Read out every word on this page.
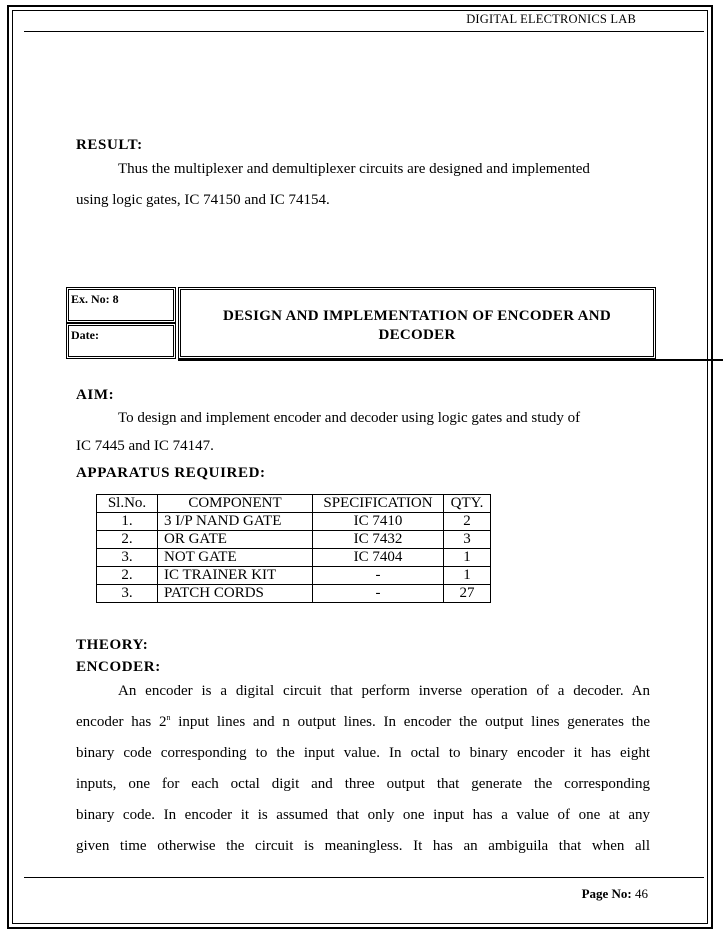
DIGITAL ELECTRONICS LAB
RESULT:
Thus the multiplexer and demultiplexer circuits are designed and implemented
using logic gates, IC 74150 and IC 74154.
Ex. No: 8
Date:
DESIGN AND IMPLEMENTATION OF ENCODER AND
DECODER
AIM:
To design and implement encoder and decoder using logic gates and study of
IC 7445 and IC 74147.
APPARATUS REQUIRED:
Sl.No.	COMPONENT	SPECIFICATION	QTY.
1.	3 I/P NAND GATE	IC 7410	2
2.	OR GATE	IC 7432	3
3.	NOT GATE	IC 7404	1
2.	IC TRAINER KIT	-	1
3.	PATCH CORDS	-	27
THEORY:
ENCODER:
An encoder is a digital circuit that perform inverse operation of a decoder. An
encoder has 2$^n$ input lines and n output lines. In encoder the output lines generates the
binary code corresponding to the input value. In octal to binary encoder it has eight
inputs, one for each octal digit and three output that generate the corresponding
binary code. In encoder it is assumed that only one input has a value of one at any
given time otherwise the circuit is meaningless. It has an ambiguila that when all
Page No: 46
